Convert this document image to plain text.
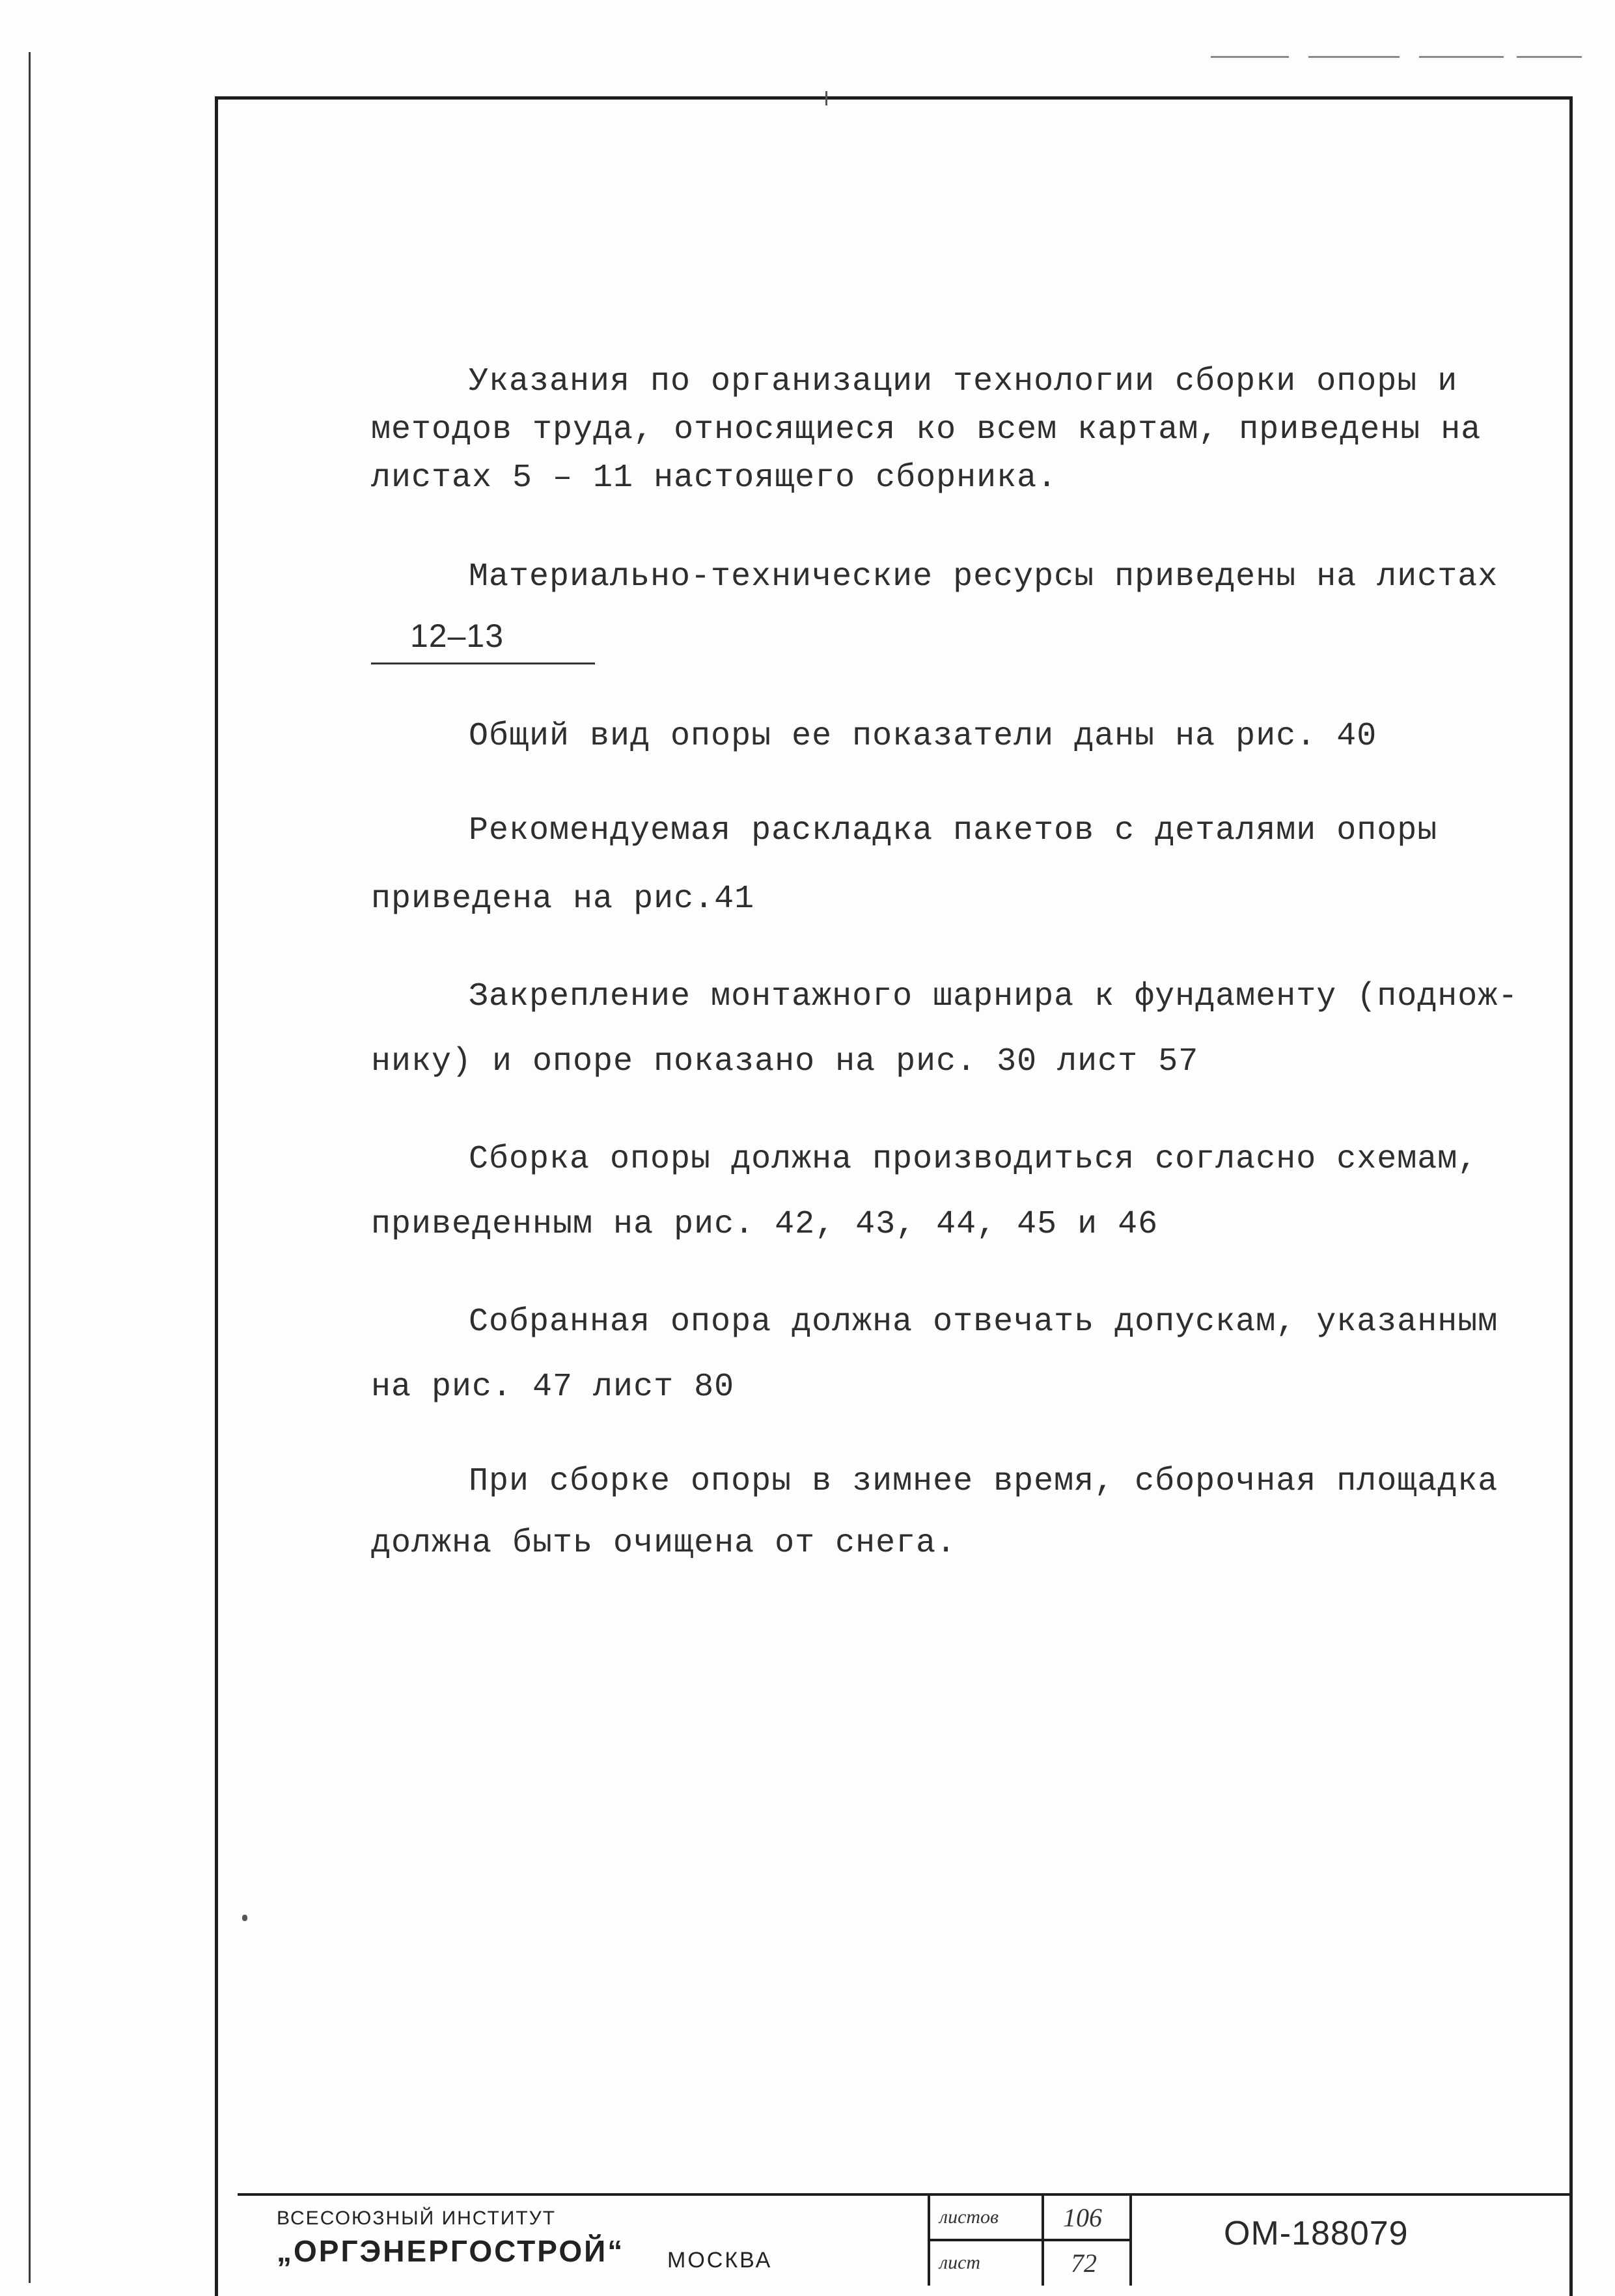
Указания по организации технологии сборки опоры и
методов труда, относящиеся ко всем картам, приведены на
листах 5 – 11 настоящего сборника.
Материально-технические ресурсы приведены на листах
12–13
Общий вид опоры ее показатели даны на рис. 40
Рекомендуемая раскладка пакетов с деталями опоры
приведена на рис.41
Закрепление монтажного шарнира к фундаменту (поднож-
нику) и опоре показано на рис. 30 лист 57
Сборка опоры должна производиться согласно схемам,
приведенным на рис. 42, 43, 44, 45 и 46
Собранная опора должна отвечать допускам, указанным
на рис. 47 лист 80
При сборке опоры в зимнее время, сборочная площадка
должна быть очищена от снега.
ВСЕСОЮЗНЫЙ ИНСТИТУТ
„ОРГЭНЕРГОСТРОЙ“ МОСКВА
листов 106
лист	72
ОМ-188079
